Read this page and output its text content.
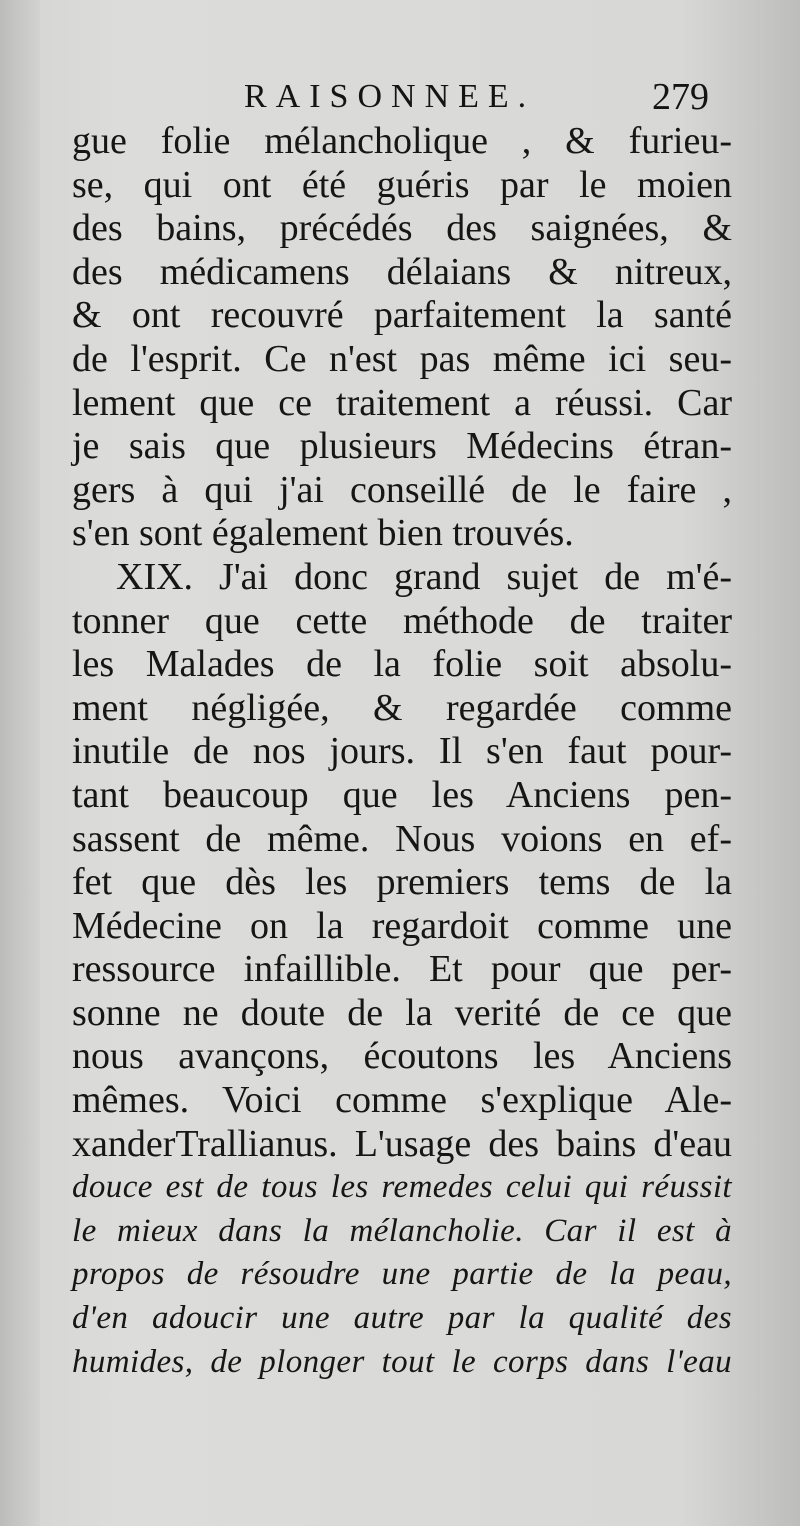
RAISONNEE.	279
gue folie mélancholique , & furieu-
se, qui ont été guéris par le moien
des bains, précédés des saignées, &
des médicamens délaians & nitreux,
& ont recouvré parfaitement la santé
de l'esprit. Ce n'est pas même ici seu-
lement que ce traitement a réussi. Car
je sais que plusieurs Médecins étran-
gers à qui j'ai conseillé de le faire ,
s'en sont également bien trouvés.
XIX. J'ai donc grand sujet de m'é-
tonner que cette méthode de traiter
les Malades de la folie soit absolu-
ment négligée, & regardée comme
inutile de nos jours. Il s'en faut pour-
tant beaucoup que les Anciens pen-
sassent de même. Nous voions en ef-
fet que dès les premiers tems de la
Médecine on la regardoit comme une
ressource infaillible. Et pour que per-
sonne ne doute de la verité de ce que
nous avançons, écoutons les Anciens
mêmes. Voici comme s'explique Ale-
xanderTrallianus. L'usage des bains d'eau
douce est de tous les remedes celui qui réussit
le mieux dans la mélancholie. Car il est à
propos de résoudre une partie de la peau,
d'en adoucir une autre par la qualité des
humides, de plonger tout le corps dans l'eau
